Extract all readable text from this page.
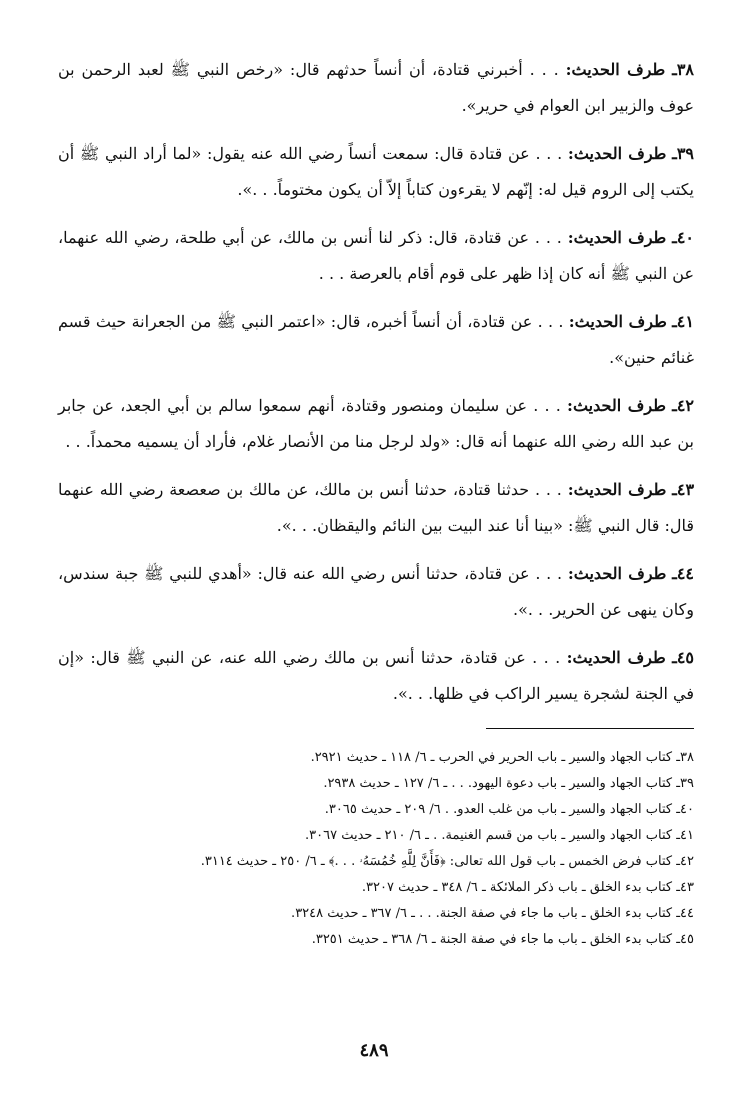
٣٨ـ طرف الحديث: . . . أخبرني قتادة، أن أنساً حدثهم قال: «رخص النبي ﷺ لعبد الرحمن بن عوف والزبير ابن العوام في حرير».
٣٩ـ طرف الحديث: . . . عن قتادة قال: سمعت أنساً رضي الله عنه يقول: «لما أراد النبي ﷺ أن يكتب إلى الروم قيل له: إنّهم لا يقرءون كتاباً إلاّ أن يكون مختوماً. . .».
٤٠ـ طرف الحديث: . . . عن قتادة، قال: ذكر لنا أنس بن مالك، عن أبي طلحة، رضي الله عنهما، عن النبي ﷺ أنه كان إذا ظهر على قوم أقام بالعرصة . . .
٤١ـ طرف الحديث: . . . عن قتادة، أن أنساً أخبره، قال: «اعتمر النبي ﷺ من الجعرانة حيث قسم غنائم حنين».
٤٢ـ طرف الحديث: . . . عن سليمان ومنصور وقتادة، أنهم سمعوا سالم بن أبي الجعد، عن جابر بن عبد الله رضي الله عنهما أنه قال: «ولد لرجل منا من الأنصار غلام، فأراد أن يسميه محمداً. . .
٤٣ـ طرف الحديث: . . . حدثنا قتادة، حدثنا أنس بن مالك، عن مالك بن صعصعة رضي الله عنهما قال: قال النبي ﷺ: «بينا أنا عند البيت بين النائم واليقظان. . .».
٤٤ـ طرف الحديث: . . . عن قتادة، حدثنا أنس رضي الله عنه قال: «أهدي للنبي ﷺ جبة سندس، وكان ينهى عن الحرير. . .».
٤٥ـ طرف الحديث: . . . عن قتادة، حدثنا أنس بن مالك رضي الله عنه، عن النبي ﷺ قال: «إن في الجنة لشجرة يسير الراكب في ظلها. . .».
٣٨ـ كتاب الجهاد والسير ـ باب الحرير في الحرب ـ ٦/ ١١٨ ـ حديث ٢٩٢١.
٣٩ـ كتاب الجهاد والسير ـ باب دعوة اليهود. . . ـ ٦/ ١٢٧ ـ حديث ٢٩٣٨.
٤٠ـ كتاب الجهاد والسير ـ باب من غلب العدو. . ٦/ ٢٠٩ ـ حديث ٣٠٦٥.
٤١ـ كتاب الجهاد والسير ـ باب من قسم الغنيمة. . ـ ٦/ ٢١٠ ـ حديث ٣٠٦٧.
٤٢ـ كتاب فرض الخمس ـ باب قول الله تعالى: ﴿فَأَنَّ لِلَّهِ خُمُسَهُۥ . . .﴾ ـ ٦/ ٢٥٠ ـ حديث ٣١١٤.
٤٣ـ كتاب بدء الخلق ـ باب ذكر الملائكة ـ ٦/ ٣٤٨ ـ حديث ٣٢٠٧.
٤٤ـ كتاب بدء الخلق ـ باب ما جاء في صفة الجنة. . . ـ ٦/ ٣٦٧ ـ حديث ٣٢٤٨.
٤٥ـ كتاب بدء الخلق ـ باب ما جاء في صفة الجنة ـ ٦/ ٣٦٨ ـ حديث ٣٢٥١.
٤٨٩
